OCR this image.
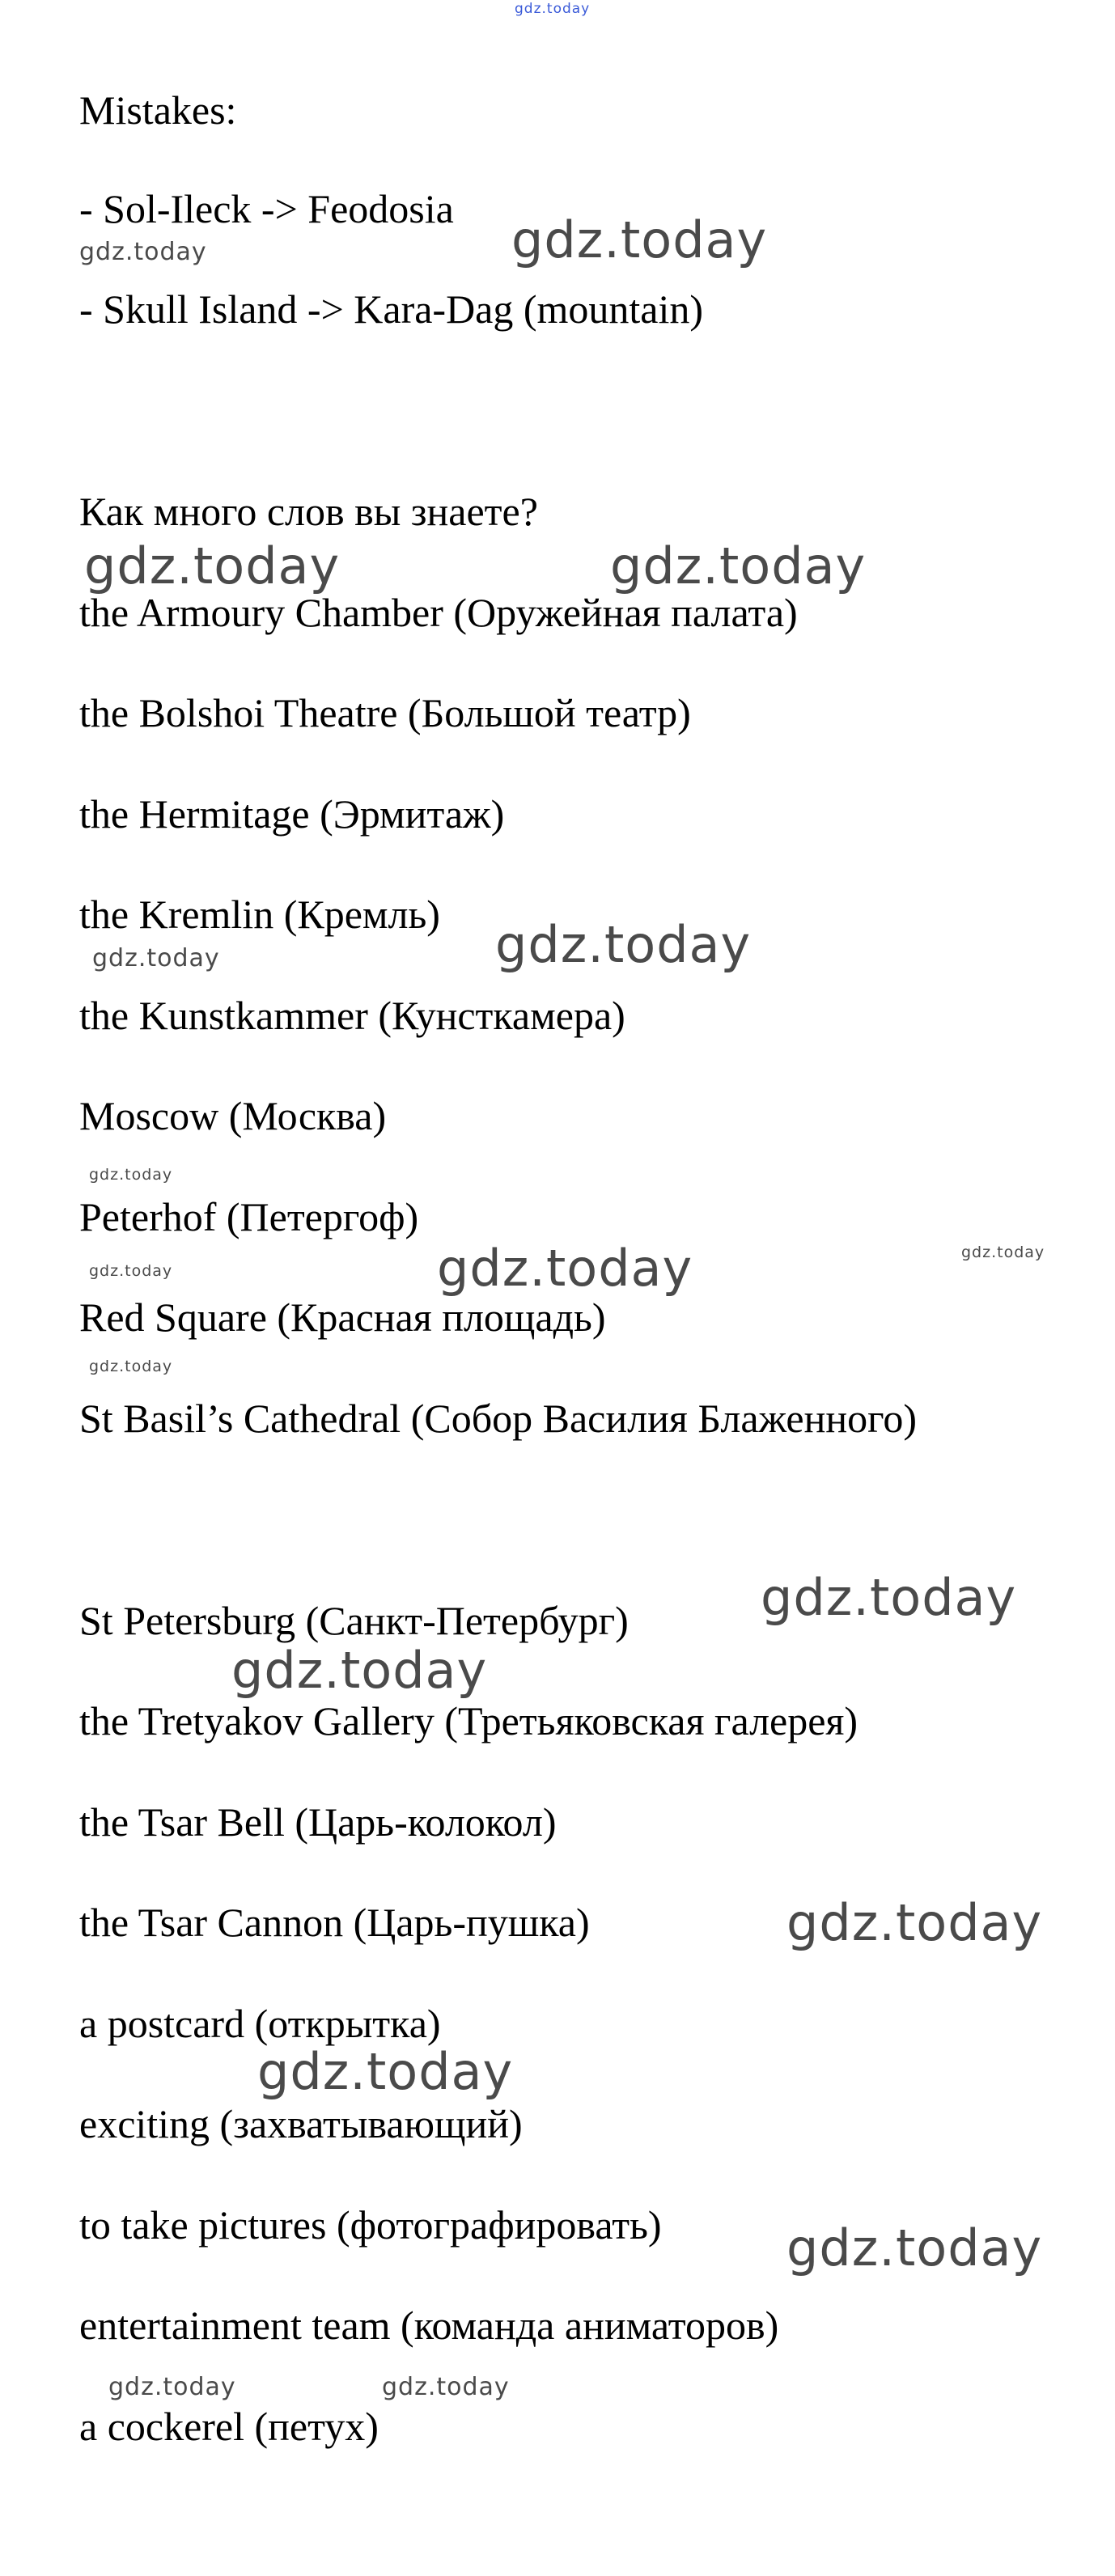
gdz.today
gdz.today
gdz.today
gdz.today	gdz.today
gdz.today
gdz.today
gdz.today
gdz.today
gdz.today
gdz.today
gdz.today
gdz.today
gdz.today
gdz.today
gdz.today
gdz.today
gdz.today	gdz.today
Mistakes:
- Sol-Ileck -> Feodosia
- Skull Island -> Kara-Dag (mountain)
Как много слов вы знаете?
the Armoury Chamber (Оружейная палата)
the Bolshoi Theatre (Большой театр)
the Hermitage (Эрмитаж)
the Kremlin (Кремль)
the Kunstkammer (Кунсткамера)
Moscow (Москва)
Peterhof (Петергоф)
Red Square (Красная площадь)
St Basil’s Cathedral (Собор Василия Блаженного)
St Petersburg (Санкт-Петербург)
the Tretyakov Gallery (Третьяковская галерея)
the Tsar Bell (Царь-колокол)
the Tsar Cannon (Царь-пушка)
a postcard (открытка)
exciting (захватывающий)
to take pictures (фотографировать)
entertainment team (команда аниматоров)
a cockerel (петух)
